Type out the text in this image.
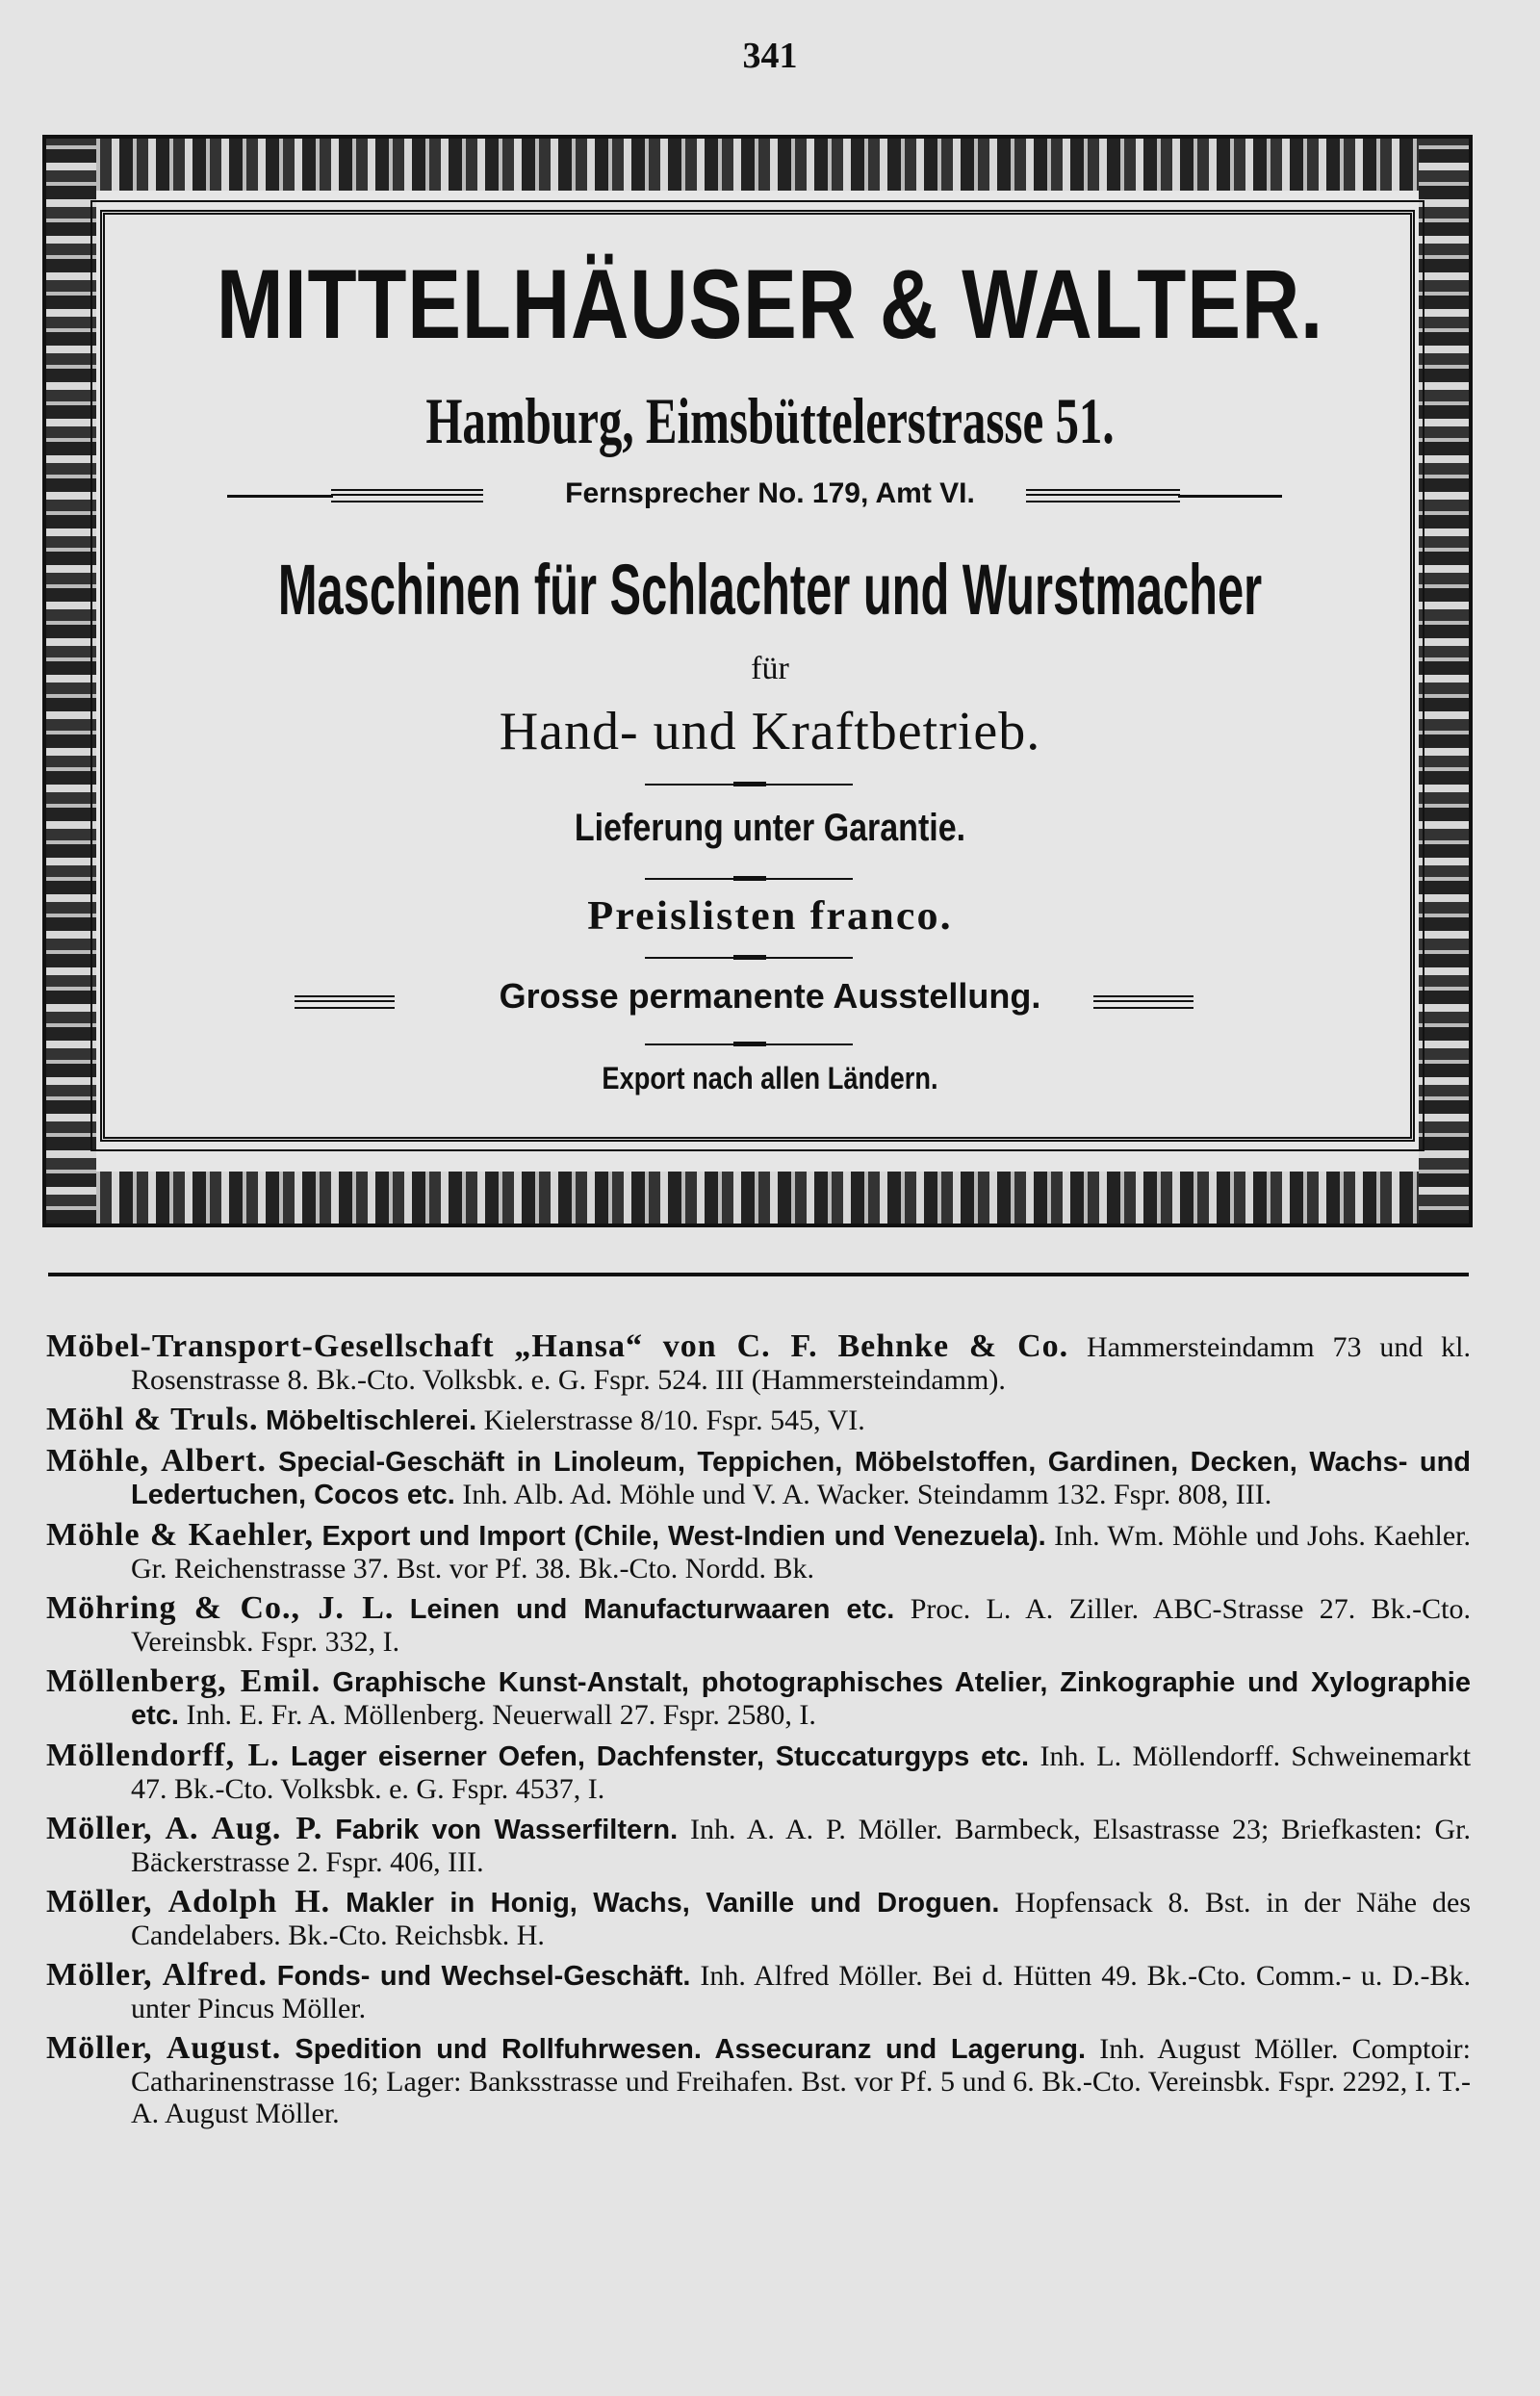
341
MITTELHÄUSER & WALTER.
Hamburg, Eimsbüttelerstrasse 51.
Fernsprecher No. 179, Amt VI.
Maschinen für Schlachter und Wurstmacher
für
Hand- und Kraftbetrieb.
Lieferung unter Garantie.
Preislisten franco.
Grosse permanente Ausstellung.
Export nach allen Ländern.
Möbel-Transport-Gesellschaft „Hansa“ von C. F. Behnke & Co. Hammersteindamm 73 und kl. Rosenstrasse 8. Bk.-Cto. Volksbk. e. G. Fspr. 524. III (Hammersteindamm).
Möhl & Truls. Möbeltischlerei. Kielerstrasse 8/10. Fspr. 545, VI.
Möhle, Albert. Special-Geschäft in Linoleum, Teppichen, Möbelstoffen, Gardinen, Decken, Wachs- und Ledertuchen, Cocos etc. Inh. Alb. Ad. Möhle und V. A. Wacker. Steindamm 132. Fspr. 808, III.
Möhle & Kaehler, Export und Import (Chile, West-Indien und Venezuela). Inh. Wm. Möhle und Johs. Kaehler. Gr. Reichenstrasse 37. Bst. vor Pf. 38. Bk.-Cto. Nordd. Bk.
Möhring & Co., J. L. Leinen und Manufacturwaaren etc. Proc. L. A. Ziller. ABC-Strasse 27. Bk.-Cto. Vereinsbk. Fspr. 332, I.
Möllenberg, Emil. Graphische Kunst-Anstalt, photographisches Atelier, Zinkographie und Xylographie etc. Inh. E. Fr. A. Möllenberg. Neuerwall 27. Fspr. 2580, I.
Möllendorff, L. Lager eiserner Oefen, Dachfenster, Stuccaturgyps etc. Inh. L. Möllendorff. Schweinemarkt 47. Bk.-Cto. Volksbk. e. G. Fspr. 4537, I.
Möller, A. Aug. P. Fabrik von Wasserfiltern. Inh. A. A. P. Möller. Barmbeck, Elsastrasse 23; Briefkasten: Gr. Bäckerstrasse 2. Fspr. 406, III.
Möller, Adolph H. Makler in Honig, Wachs, Vanille und Droguen. Hopfensack 8. Bst. in der Nähe des Candelabers. Bk.-Cto. Reichsbk. H.
Möller, Alfred. Fonds- und Wechsel-Geschäft. Inh. Alfred Möller. Bei d. Hütten 49. Bk.-Cto. Comm.- u. D.-Bk. unter Pincus Möller.
Möller, August. Spedition und Rollfuhrwesen. Assecuranz und Lagerung. Inh. August Möller. Comptoir: Catharinenstrasse 16; Lager: Banksstrasse und Freihafen. Bst. vor Pf. 5 und 6. Bk.-Cto. Vereinsbk. Fspr. 2292, I. T.-A. August Möller.
